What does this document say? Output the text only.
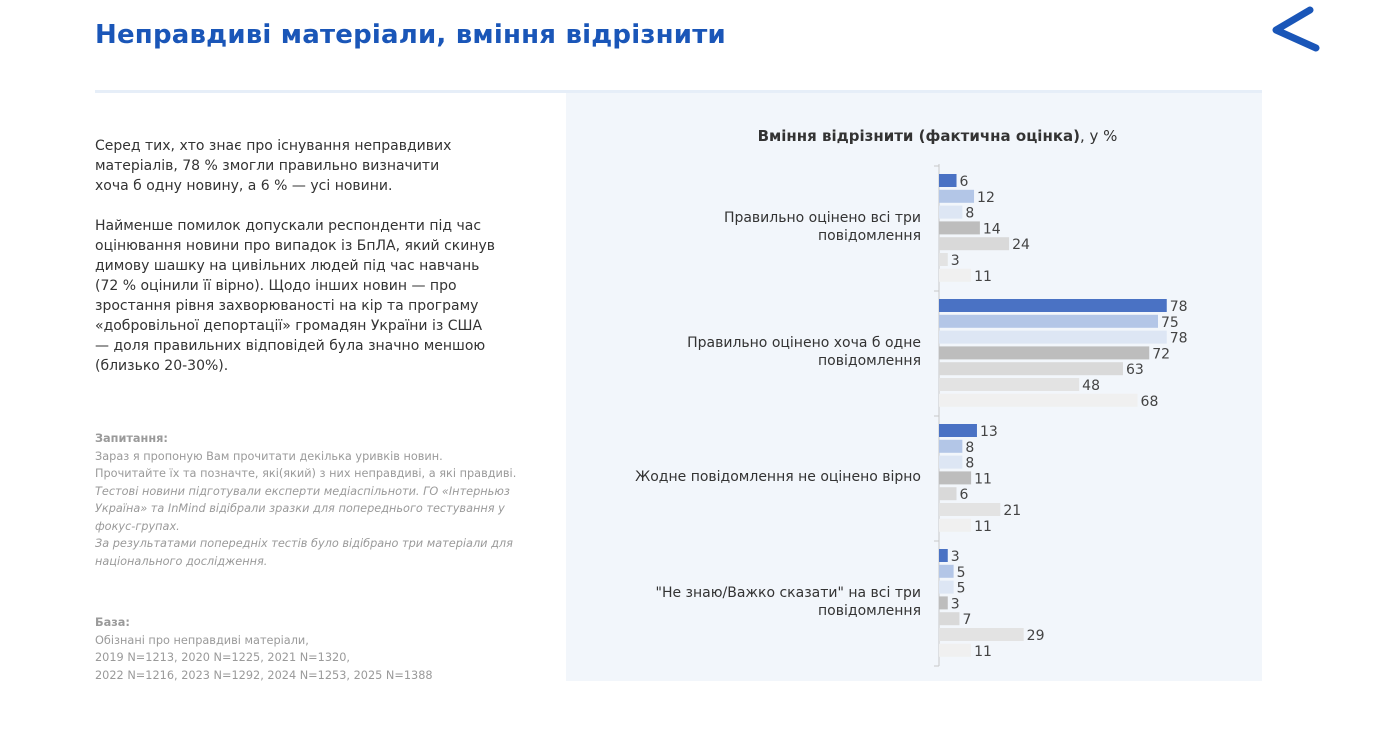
Неправдиві матеріали, вміння відрізнити

Серед тих, хто знає про існування неправдивих
матеріалів, 78 % змогли правильно визначити
хоча б одну новину, а 6 % — усі новини.

Найменше помилок допускали респонденти під час
оцінювання новини про випадок із БпЛА, який скинув
димову шашку на цивільних людей під час навчань
(72 % оцінили її вірно). Щодо інших новин — про
зростання рівня захворюваності на кір та програму
«добровільної депортації» громадян України із США
— доля правильних відповідей була значно меншою
(близько 20-30%).

Запитання:
Зараз я пропоную Вам прочитати декілька уривків новин.
Прочитайте їх та позначте, які(який) з них неправдиві, а які правдиві.
Тестові новини підготували експерти медіаспільноти. ГО «Інтерньюз
Україна» та InMind відібрали зразки для попереднього тестування у
фокус-групах.
За результатами попередніх тестів було відібрано три матеріали для
національного дослідження.
База:
Обізнані про неправдиві матеріали,
2019 N=1213, 2020 N=1225, 2021 N=1320,
2022 N=1216, 2023 N=1292, 2024 N=1253, 2025 N=1388
Вміння відрізнити (фактична оцінка), у %
Правильно оцінено всі три
повідомлення
Правильно оцінено хоча б одне
повідомлення
Жодне повідомлення не оцінено вірно
"Не знаю/Важко сказати" на всі три
повідомлення
6
12
8
14
24
3
11
78
75
78
72
63
48
68
13
8
8
11
6
21
11
3
5
5
3
7
29
11
